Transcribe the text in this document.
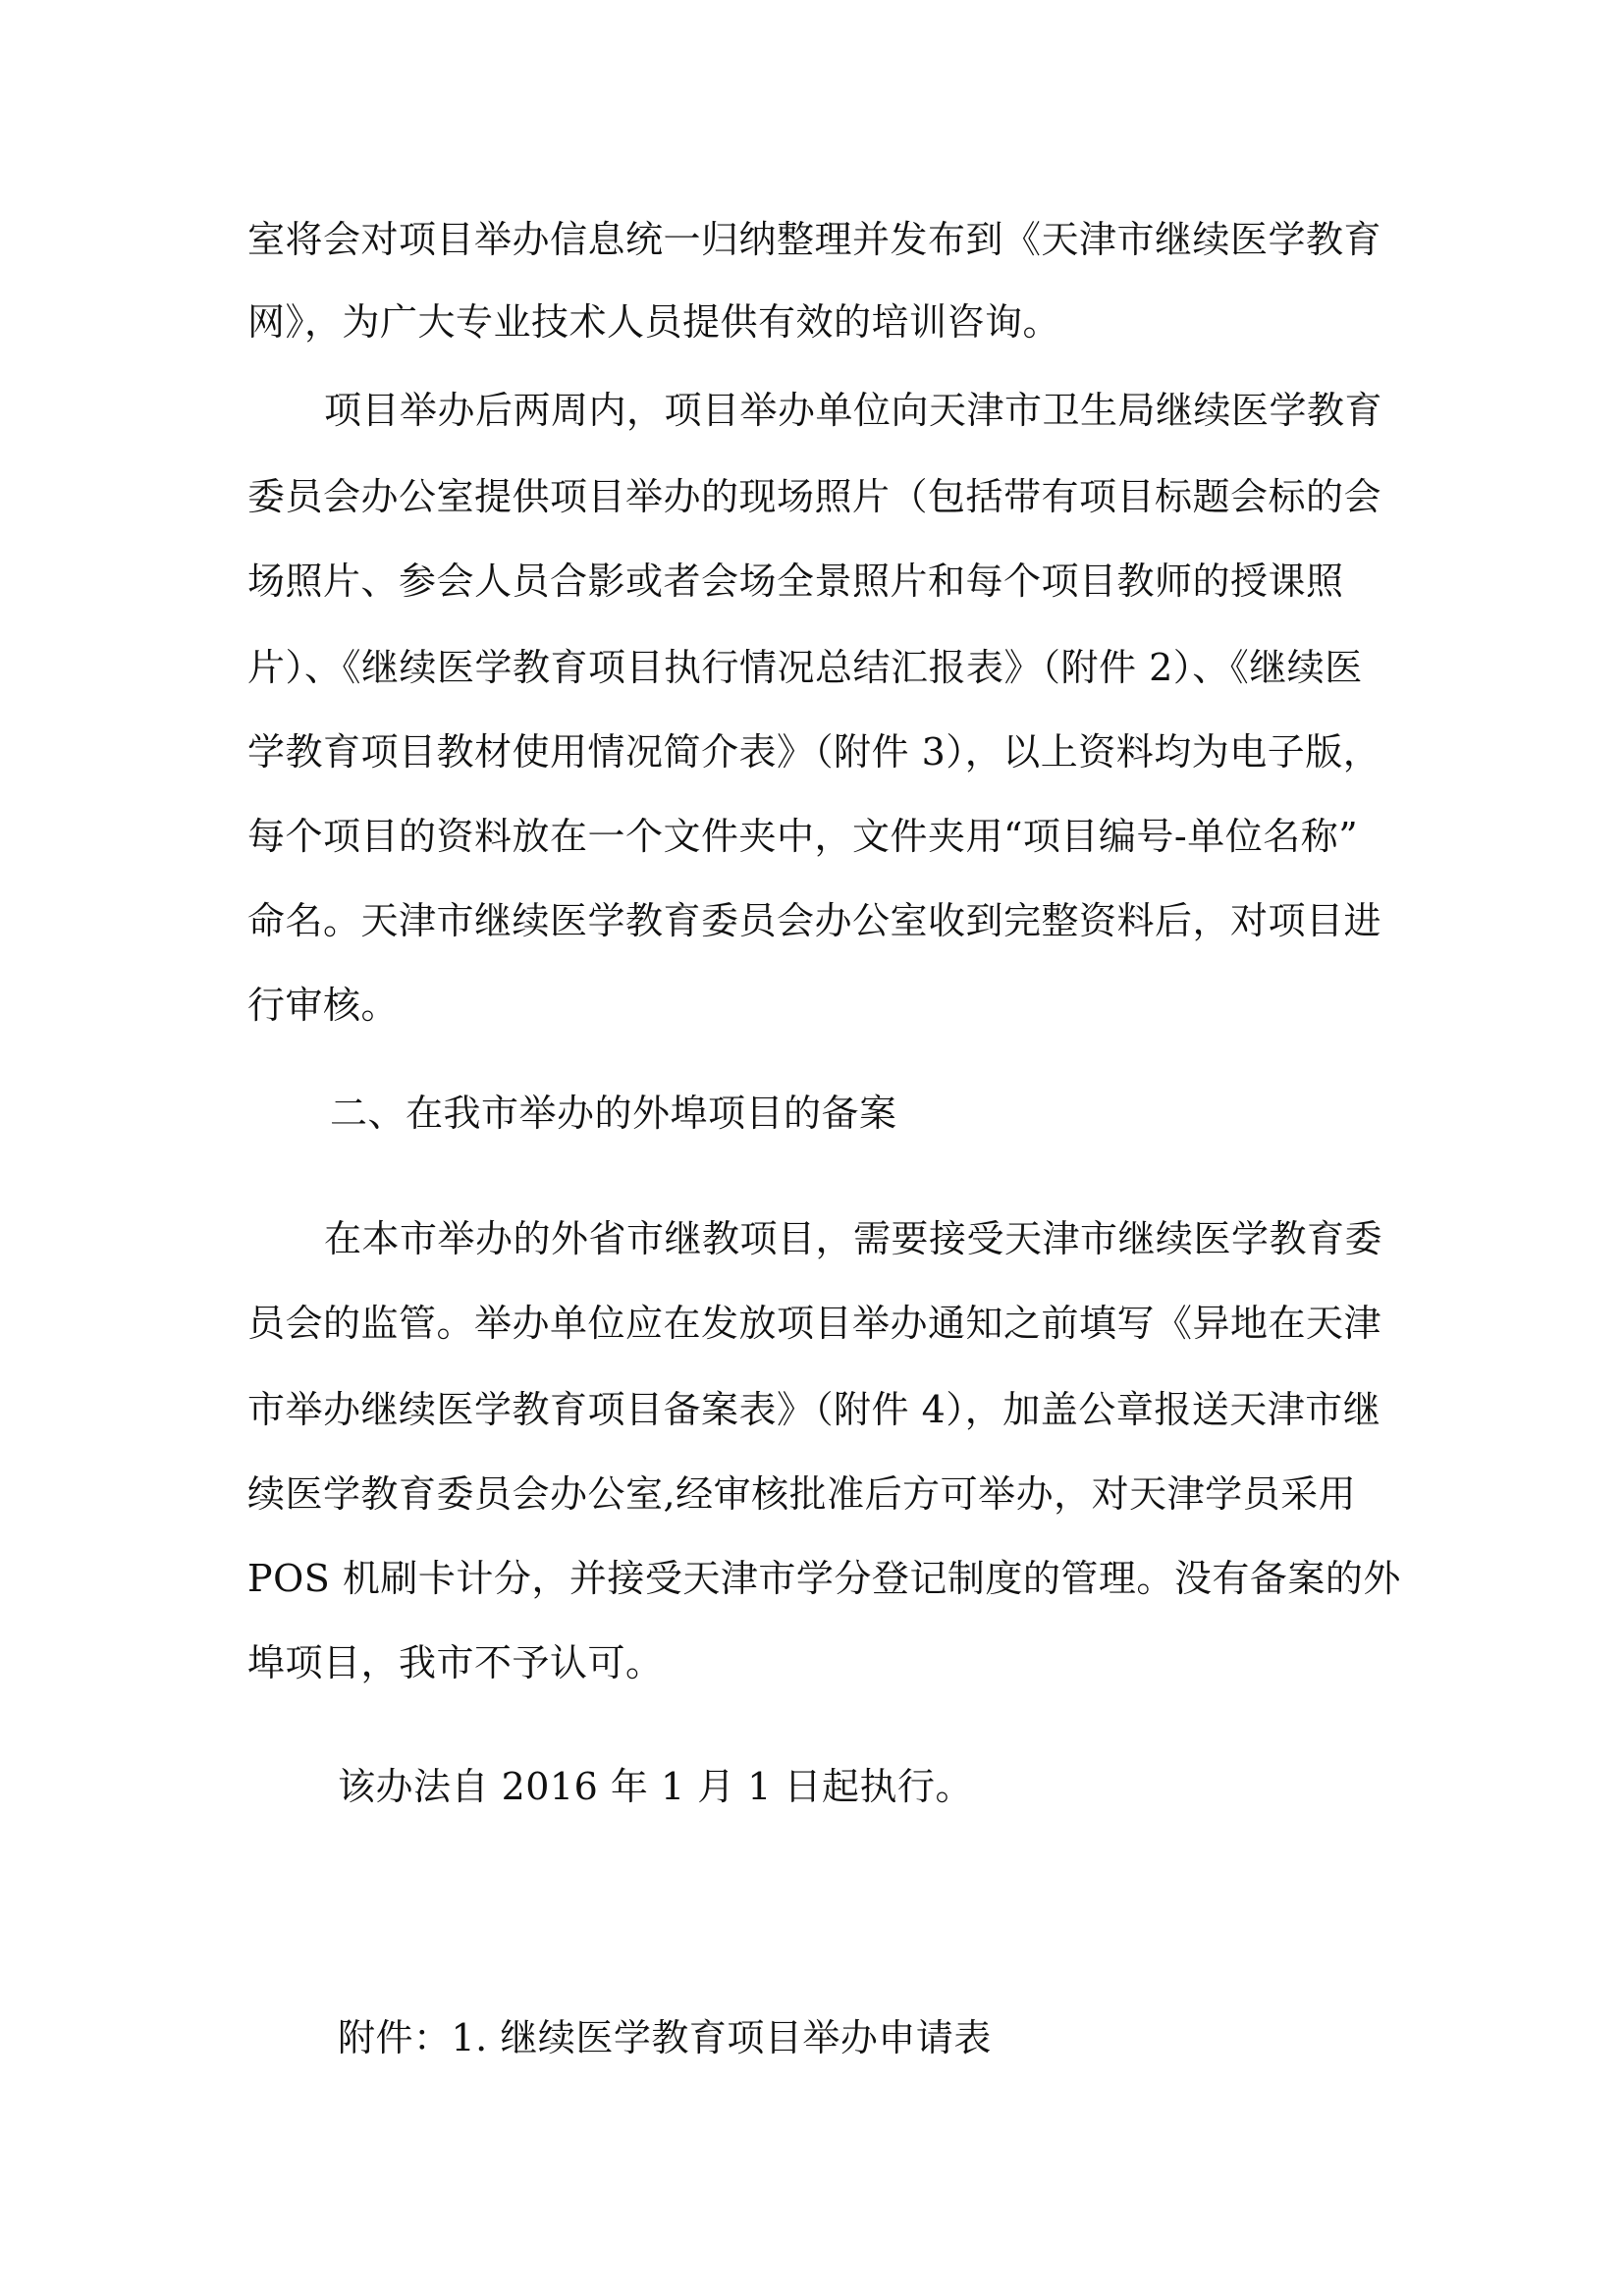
室将会对项目举办信息统一归纳整理并发布到《天津市继续医学教育
网》，为广大专业技术人员提供有效的培训咨询。
项目举办后两周内，项目举办单位向天津市卫生局继续医学教育
委员会办公室提供项目举办的现场照片（包括带有项目标题会标的会
场照片、参会人员合影或者会场全景照片和每个项目教师的授课照
片）、《继续医学教育项目执行情况总结汇报表》（附件 2）、《继续医
学教育项目教材使用情况简介表》（附件 3），以上资料均为电子版，
每个项目的资料放在一个文件夹中，文件夹用“项目编号-单位名称”
命名。天津市继续医学教育委员会办公室收到完整资料后，对项目进
行审核。
二、在我市举办的外埠项目的备案
在本市举办的外省市继教项目，需要接受天津市继续医学教育委
员会的监管。举办单位应在发放项目举办通知之前填写《异地在天津
市举办继续医学教育项目备案表》（附件 4），加盖公章报送天津市继
续医学教育委员会办公室,经审核批准后方可举办，对天津学员采用
POS 机刷卡计分，并接受天津市学分登记制度的管理。没有备案的外
埠项目，我市不予认可。
该办法自 2016 年 1 月 1 日起执行。
附件：1. 继续医学教育项目举办申请表
